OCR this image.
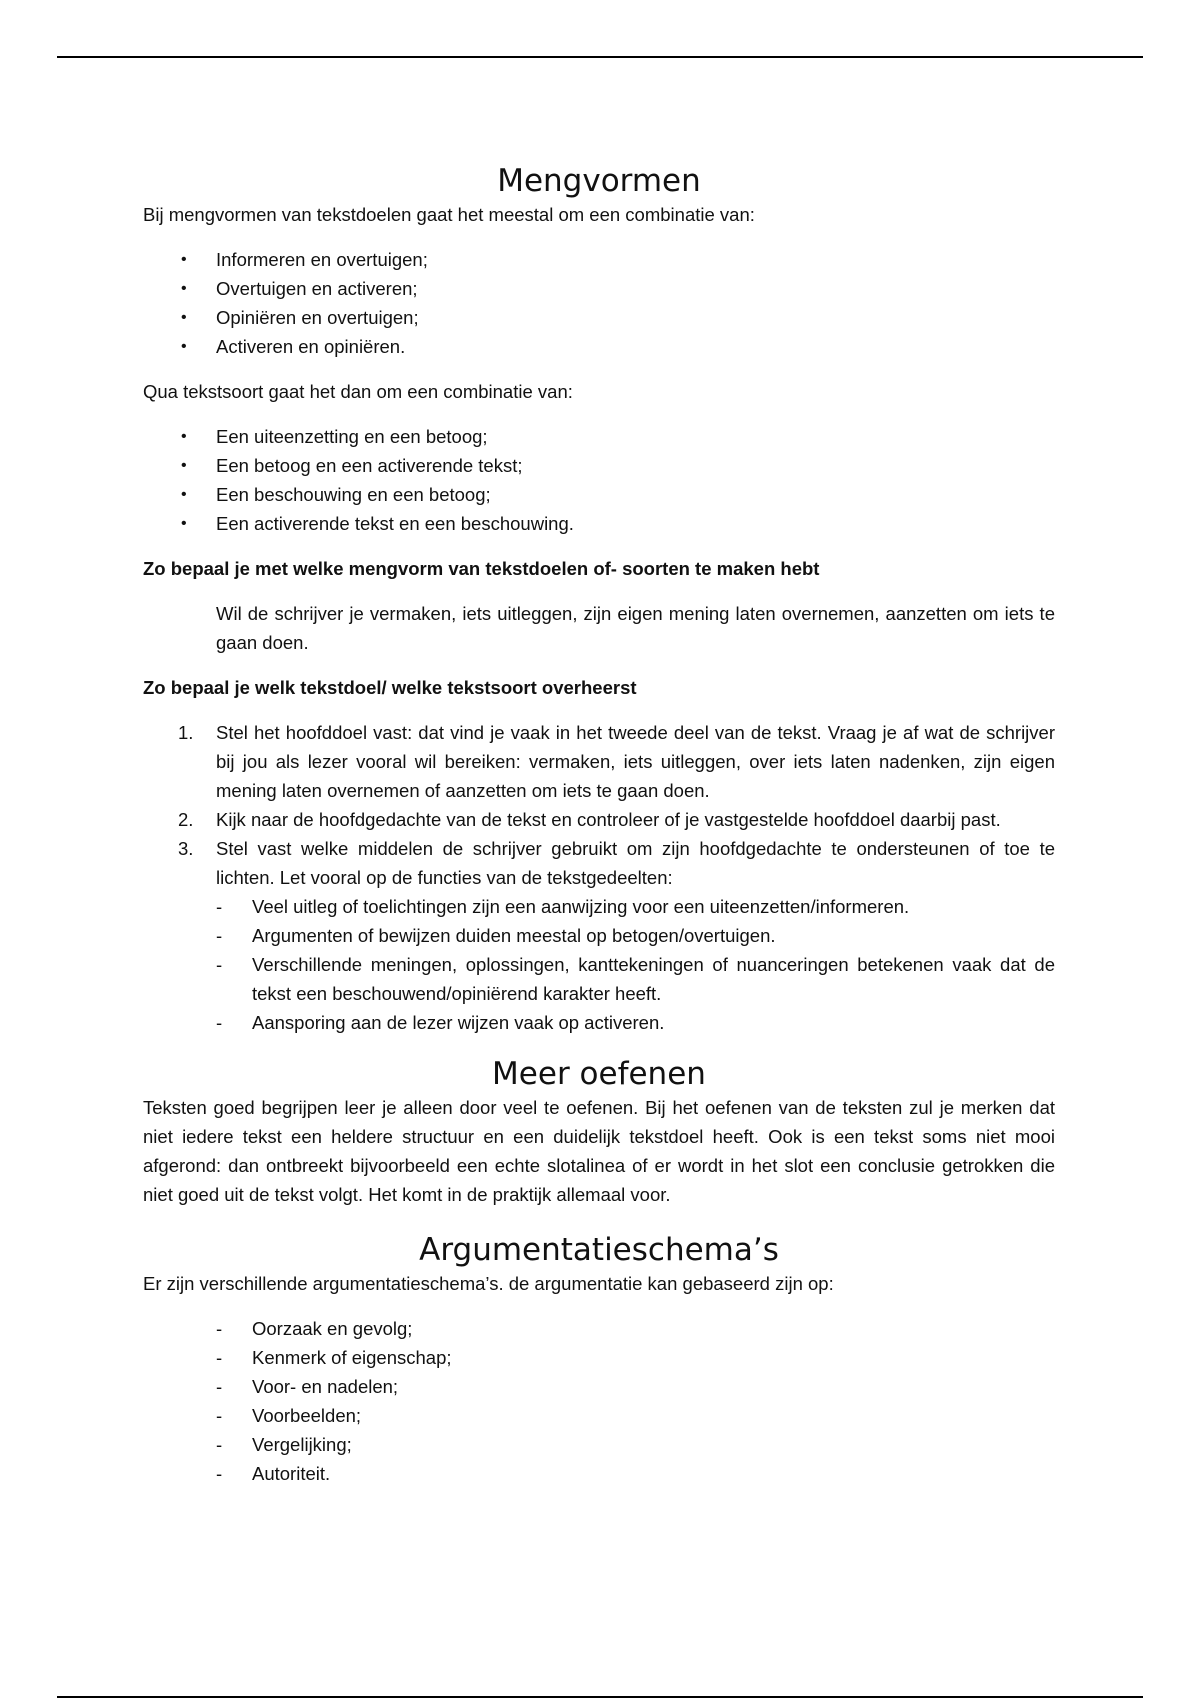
Mengvormen

Bij mengvormen van tekstdoelen gaat het meestal om een combinatie van:

• Informeren en overtuigen;
• Overtuigen en activeren;
• Opiniëren en overtuigen;
• Activeren en opiniëren.

Qua tekstsoort gaat het dan om een combinatie van:

• Een uiteenzetting en een betoog;
• Een betoog en een activerende tekst;
• Een beschouwing en een betoog;
• Een activerende tekst en een beschouwing.

Zo bepaal je met welke mengvorm van tekstdoelen of- soorten te maken hebt

Wil de schrijver je vermaken, iets uitleggen, zijn eigen mening laten overnemen, aanzetten om iets te gaan doen.

Zo bepaal je welk tekstdoel/ welke tekstsoort overheerst

1. Stel het hoofddoel vast: dat vind je vaak in het tweede deel van de tekst. Vraag je af wat de schrijver bij jou als lezer vooral wil bereiken: vermaken, iets uitleggen, over iets laten nadenken, zijn eigen mening laten overnemen of aanzetten om iets te gaan doen.
2. Kijk naar de hoofdgedachte van de tekst en controleer of je vastgestelde hoofddoel daarbij past.
3. Stel vast welke middelen de schrijver gebruikt om zijn hoofdgedachte te ondersteunen of toe te lichten. Let vooral op de functies van de tekstgedeelten:
- Veel uitleg of toelichtingen zijn een aanwijzing voor een uiteenzetten/informeren.
- Argumenten of bewijzen duiden meestal op betogen/overtuigen.
- Verschillende meningen, oplossingen, kanttekeningen of nuanceringen betekenen vaak dat de tekst een beschouwend/opiniërend karakter heeft.
- Aansporing aan de lezer wijzen vaak op activeren.
Meer oefenen

Teksten goed begrijpen leer je alleen door veel te oefenen. Bij het oefenen van de teksten zul je merken dat niet iedere tekst een heldere structuur en een duidelijk tekstdoel heeft. Ook is een tekst soms niet mooi afgerond: dan ontbreekt bijvoorbeeld een echte slotalinea of er wordt in het slot een conclusie getrokken die niet goed uit de tekst volgt. Het komt in de praktijk allemaal voor.

Argumentatieschema’s

Er zijn verschillende argumentatieschema’s. de argumentatie kan gebaseerd zijn op:

- Oorzaak en gevolg;
- Kenmerk of eigenschap;
- Voor- en nadelen;
- Voorbeelden;
- Vergelijking;
- Autoriteit.
